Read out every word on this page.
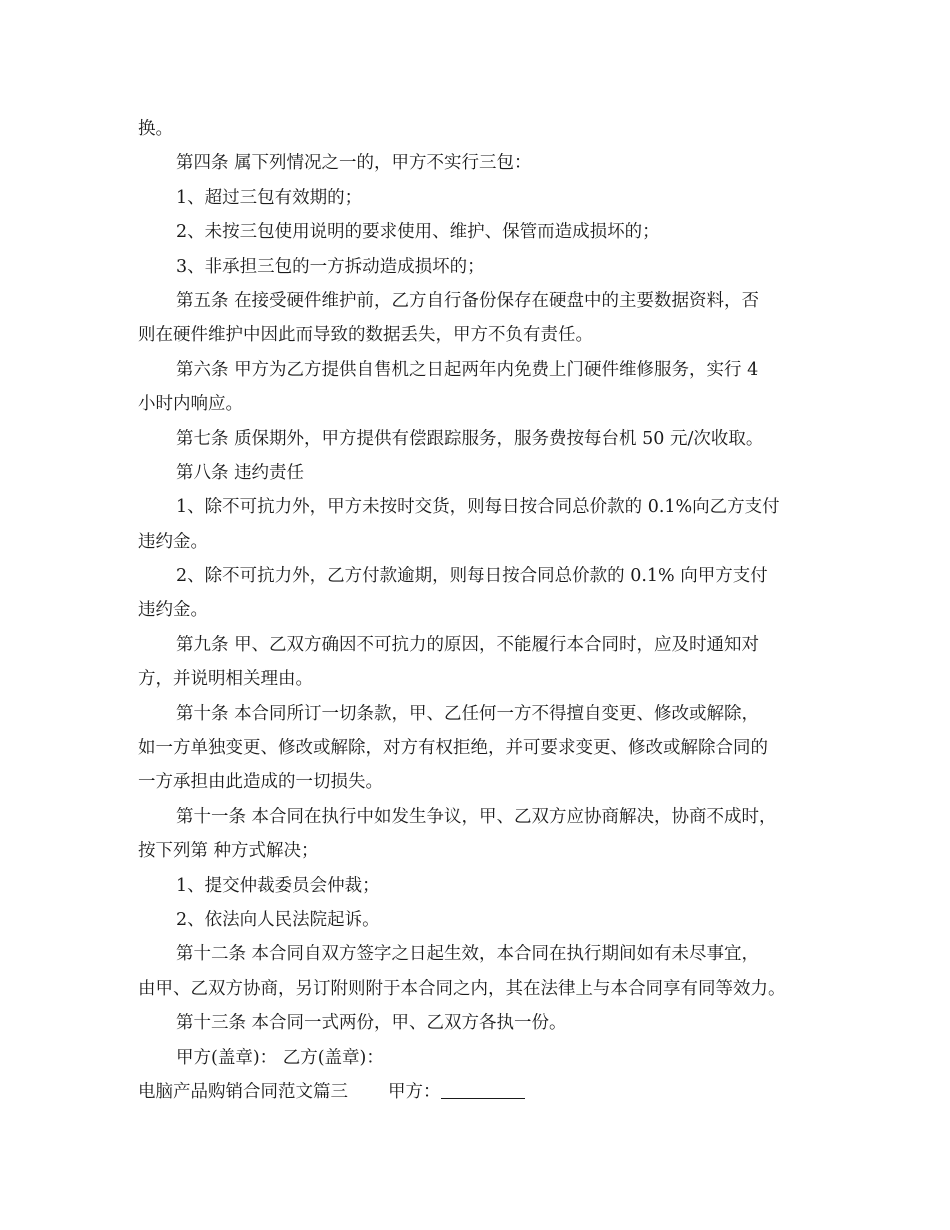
换。
第四条 属下列情况之一的，甲方不实行三包：
1、超过三包有效期的；
2、未按三包使用说明的要求使用、维护、保管而造成损坏的；
3、非承担三包的一方拆动造成损坏的；
第五条 在接受硬件维护前，乙方自行备份保存在硬盘中的主要数据资料，否
则在硬件维护中因此而导致的数据丢失，甲方不负有责任。
第六条 甲方为乙方提供自售机之日起两年内免费上门硬件维修服务，实行 4
小时内响应。
第七条 质保期外，甲方提供有偿跟踪服务，服务费按每台机 50 元/次收取。
第八条 违约责任
1、除不可抗力外，甲方未按时交货，则每日按合同总价款的 0.1%向乙方支付
违约金。
2、除不可抗力外，乙方付款逾期，则每日按合同总价款的 0.1% 向甲方支付
违约金。
第九条 甲、乙双方确因不可抗力的原因，不能履行本合同时，应及时通知对
方，并说明相关理由。
第十条 本合同所订一切条款，甲、乙任何一方不得擅自变更、修改或解除，
如一方单独变更、修改或解除，对方有权拒绝，并可要求变更、修改或解除合同的
一方承担由此造成的一切损失。
第十一条 本合同在执行中如发生争议，甲、乙双方应协商解决，协商不成时，
按下列第 种方式解决；
1、提交仲裁委员会仲裁；
2、依法向人民法院起诉。
第十二条 本合同自双方签字之日起生效，本合同在执行期间如有未尽事宜，
由甲、乙双方协商，另订附则附于本合同之内，其在法律上与本合同享有同等效力。
第十三条 本合同一式两份，甲、乙双方各执一份。
甲方(盖章)： 乙方(盖章)：
电脑产品购销合同范文篇三 甲方：
